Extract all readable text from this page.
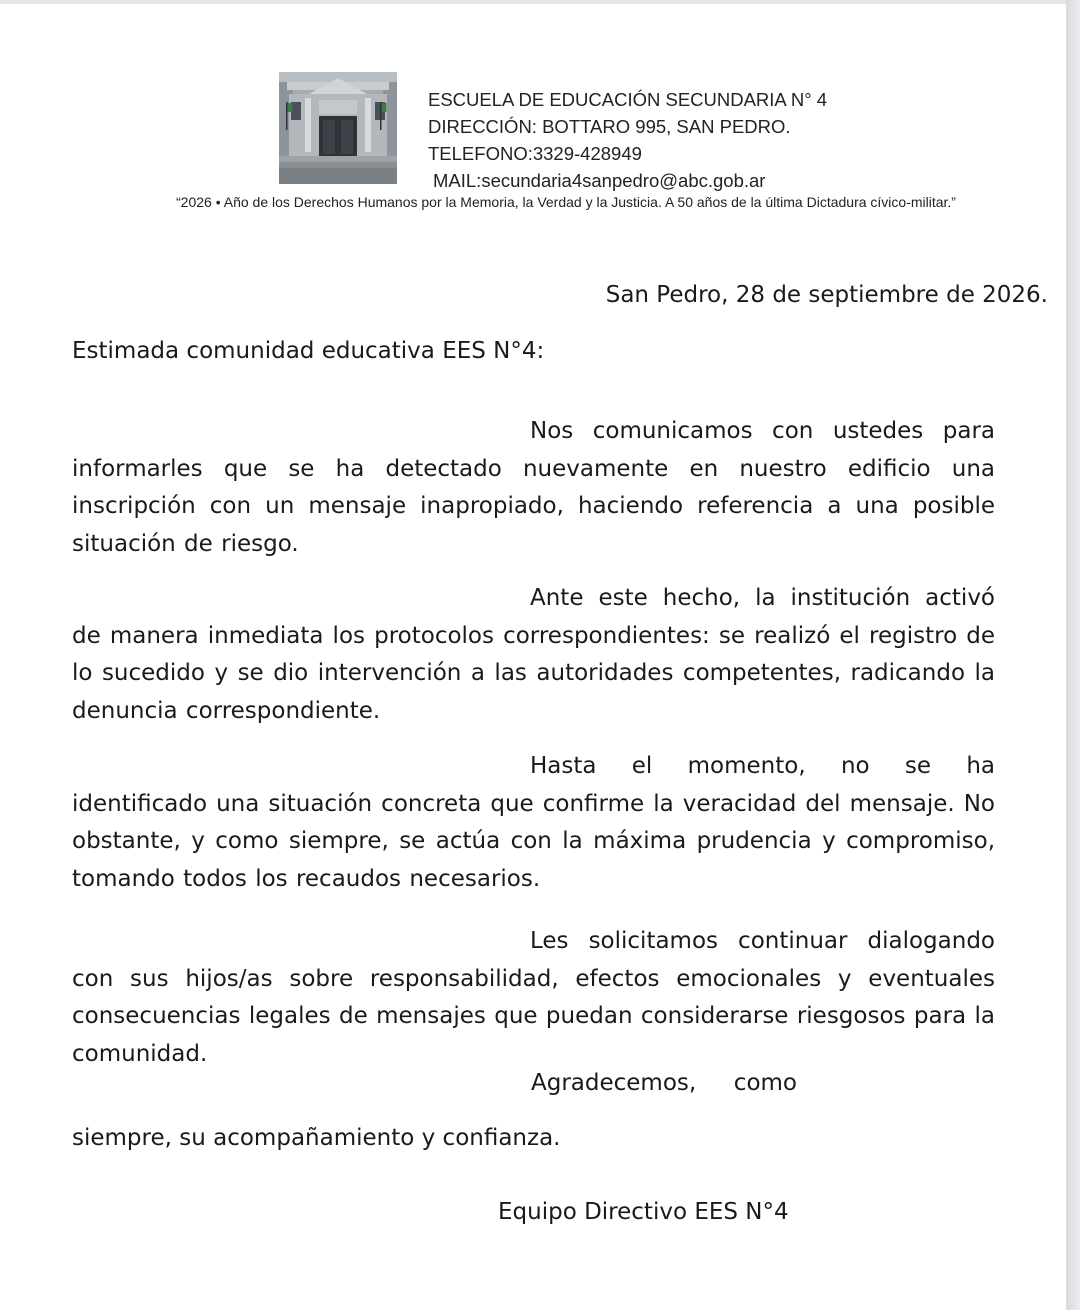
ESCUELA DE EDUCACIÓN SECUNDARIA N° 4
DIRECCIÓN: BOTTARO 995, SAN PEDRO.
TELEFONO:3329-428949
MAIL:secundaria4sanpedro@abc.gob.ar
“2026 • Año de los Derechos Humanos por la Memoria, la Verdad y la Justicia. A 50 años de la última Dictadura cívico-militar.”
San Pedro, 28 de septiembre de 2026.
Estimada comunidad educativa EES N°4:

Nos comunicamos con ustedes para informarles que se ha detectado nuevamente en nuestro edificio una inscripción con un mensaje inapropiado, haciendo referencia a una posible situación de riesgo.

Ante este hecho, la institución activó de manera inmediata los protocolos correspondientes: se realizó el registro de lo sucedido y se dio intervención a las autoridades competentes, radicando la denuncia correspondiente.

Hasta el momento, no se ha identificado una situación concreta que confirme la veracidad del mensaje. No obstante, y como siempre, se actúa con la máxima prudencia y compromiso, tomando todos los recaudos necesarios.

Les solicitamos continuar dialogando con sus hijos/as sobre responsabilidad, efectos emocionales y eventuales consecuencias legales de mensajes que puedan considerarse riesgosos para la comunidad.

Agradecemos, como
siempre, su acompañamiento y confianza.
Equipo Directivo EES N°4
